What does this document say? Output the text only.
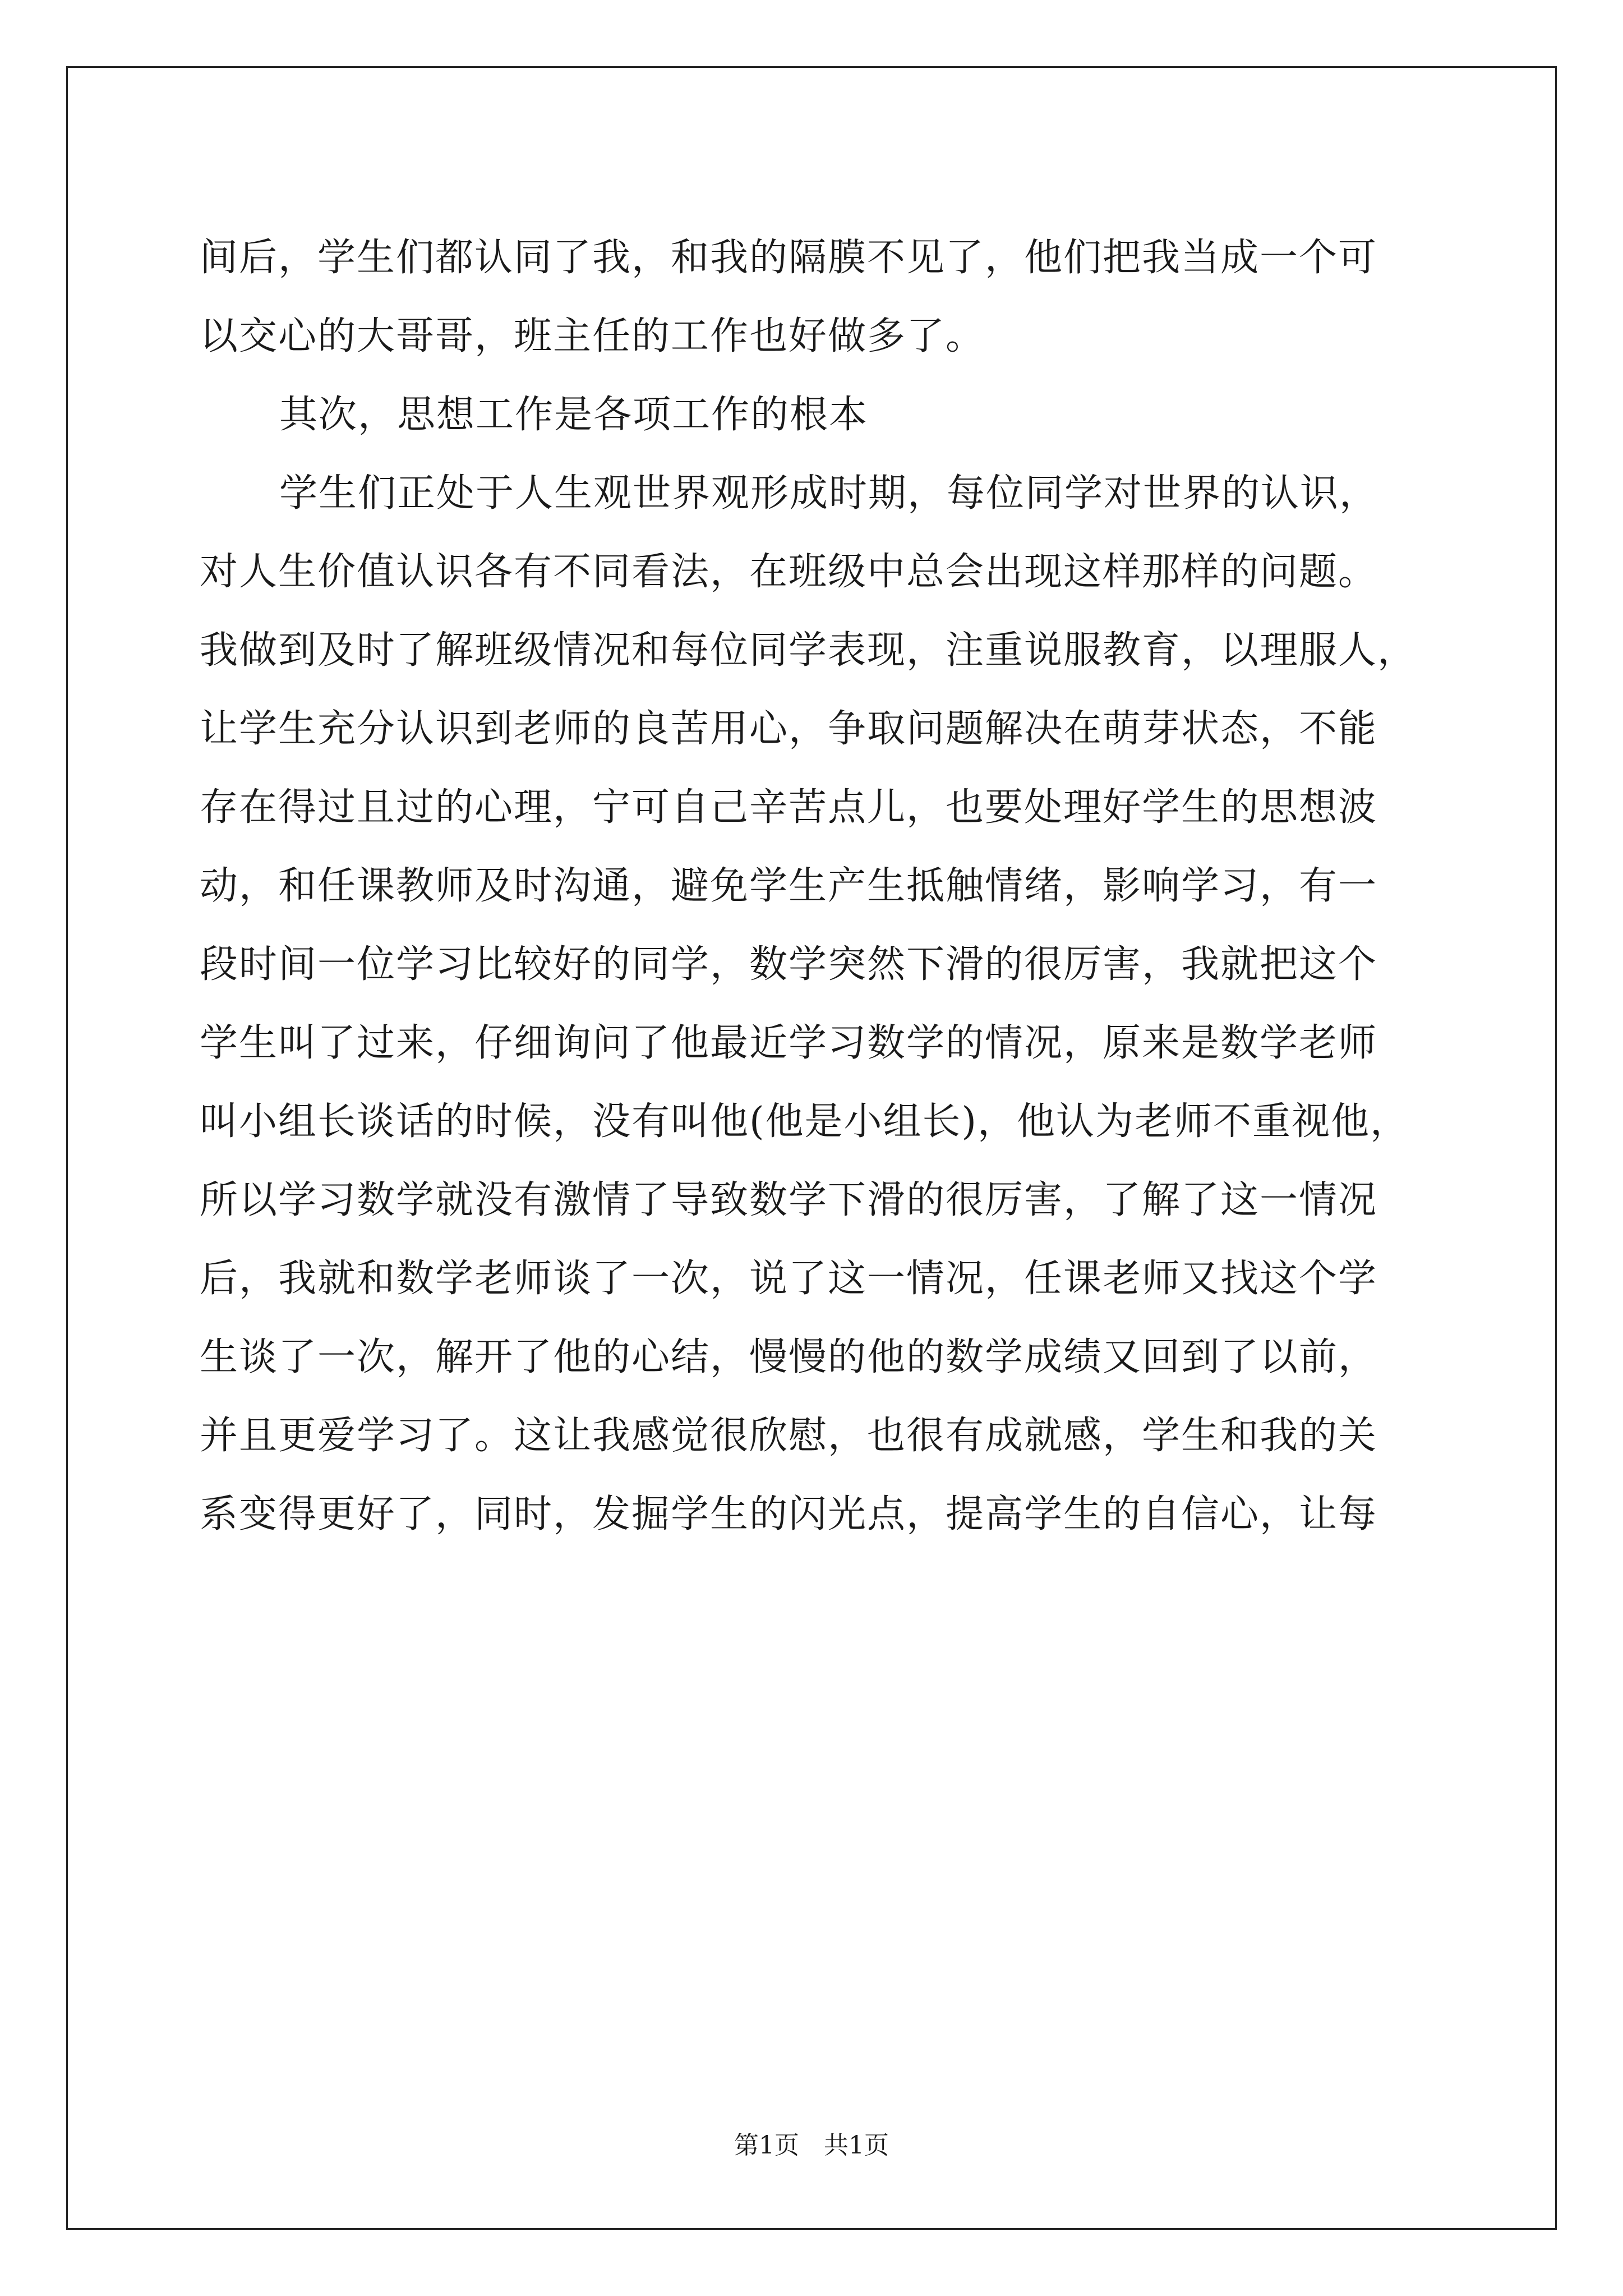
间后，学生们都认同了我，和我的隔膜不见了，他们把我当成一个可
以交心的大哥哥，班主任的工作也好做多了。
其次，思想工作是各项工作的根本
学生们正处于人生观世界观形成时期，每位同学对世界的认识，
对人生价值认识各有不同看法，在班级中总会出现这样那样的问题。
我做到及时了解班级情况和每位同学表现，注重说服教育，以理服人，
让学生充分认识到老师的良苦用心，争取问题解决在萌芽状态，不能
存在得过且过的心理，宁可自己辛苦点儿，也要处理好学生的思想波
动，和任课教师及时沟通，避免学生产生抵触情绪，影响学习，有一
段时间一位学习比较好的同学，数学突然下滑的很厉害，我就把这个
学生叫了过来，仔细询问了他最近学习数学的情况，原来是数学老师
叫小组长谈话的时候，没有叫他(他是小组长)，他认为老师不重视他，
所以学习数学就没有激情了导致数学下滑的很厉害，了解了这一情况
后，我就和数学老师谈了一次，说了这一情况，任课老师又找这个学
生谈了一次，解开了他的心结，慢慢的他的数学成绩又回到了以前，
并且更爱学习了。这让我感觉很欣慰，也很有成就感，学生和我的关
系变得更好了，同时，发掘学生的闪光点，提高学生的自信心，让每
第1页　共1页
